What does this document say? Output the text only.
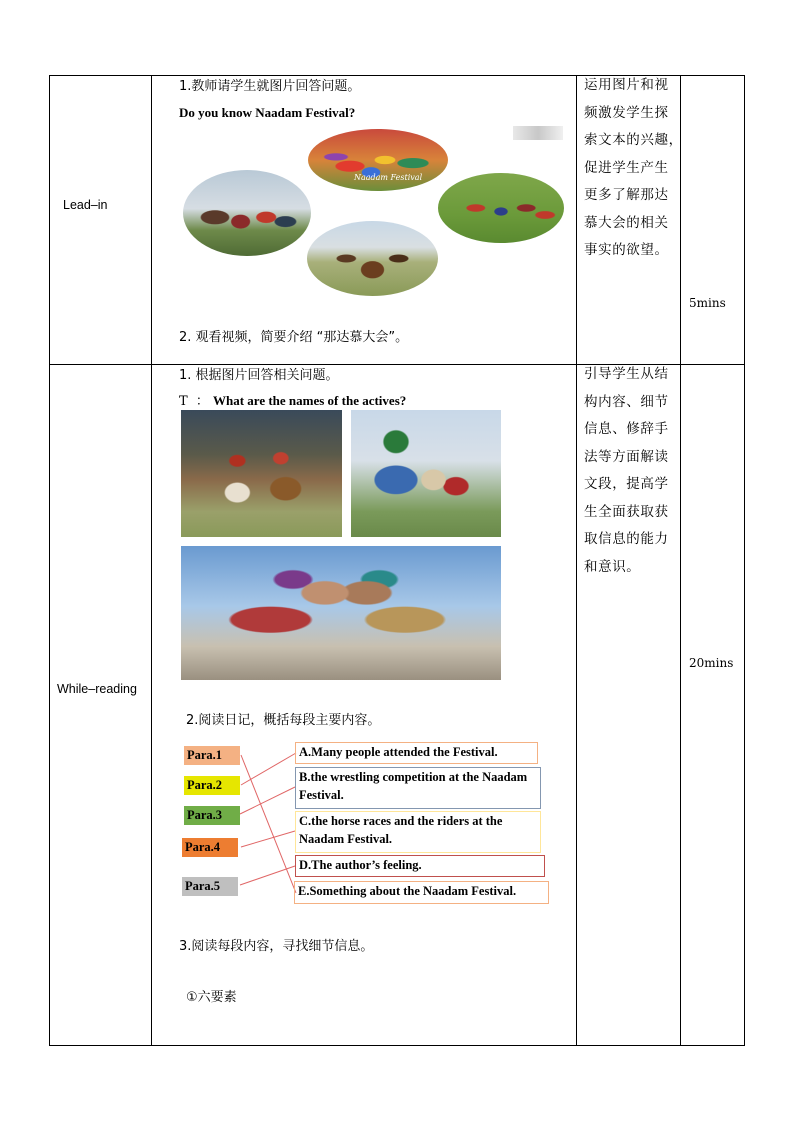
Lead–in
5mins
1.教师请学生就图片回答问题。
Do you know Naadam Festival?
Naadam Festival
2. 观看视频，简要介绍 “那达慕大会”。
运用图片和视
频激发学生探
索文本的兴趣，
促进学生产生
更多了解那达
慕大会的相关
事实的欲望。
While–reading
20mins
1. 根据图片回答相关问题。
T ： What are the names of the actives?
2.阅读日记，概括每段主要内容。
Para.1
Para.2
Para.3
Para.4
Para.5
A.Many people attended the Festival.
B.the wrestling competition at the Naadam Festival.
C.the horse races and the riders at the Naadam Festival.
D.The author’s feeling.
E.Something about the Naadam Festival.
3.阅读每段内容，寻找细节信息。
①六要素
引导学生从结
构内容、细节
信息、修辞手
法等方面解读
文段，提高学
生全面获取获
取信息的能力
和意识。
